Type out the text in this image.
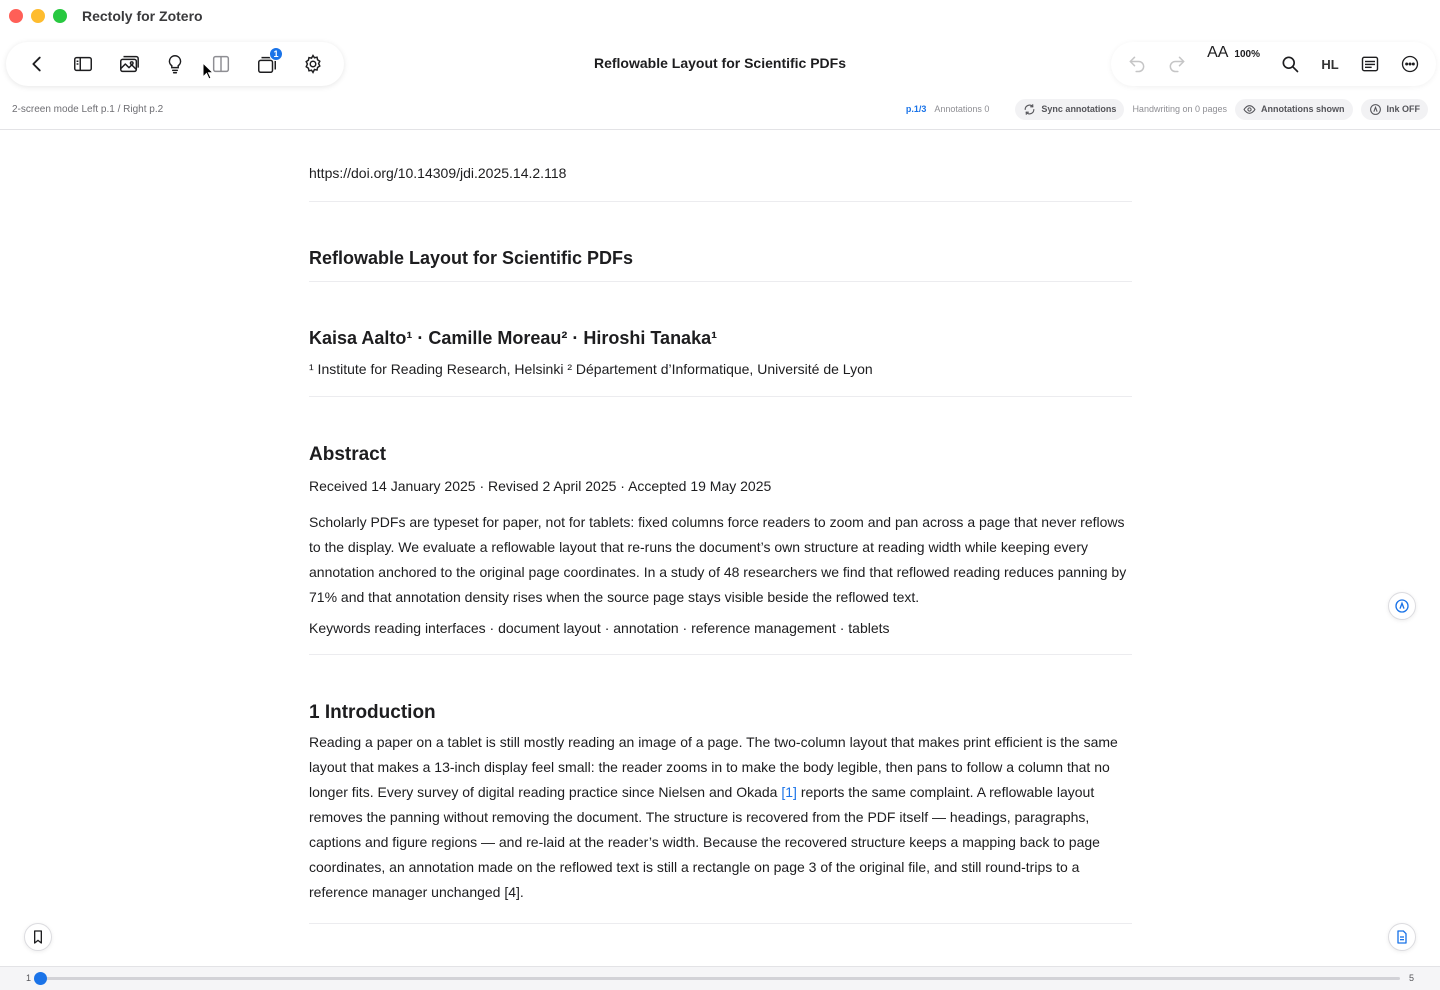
Rectoly for Zotero
1
Reflowable Layout for Scientific PDFs
AA 100%
HL
2-screen mode Left p.1 / Right p.2	p.1/3 Annotations 0	Sync annotations Handwriting on 0 pages	Annotations shown	Ink OFF
https://doi.org/10.14309/jdi.2025.14.2.118
Reflowable Layout for Scientific PDFs
Kaisa Aalto¹ · Camille Moreau² · Hiroshi Tanaka¹
¹ Institute for Reading Research, Helsinki ² Département d’Informatique, Université de Lyon
Abstract
Received 14 January 2025 · Revised 2 April 2025 · Accepted 19 May 2025

Scholarly PDFs are typeset for paper, not for tablets: fixed columns force readers to zoom and pan across a page that never reflows to the display. We evaluate a reflowable layout that re-runs the document’s own structure at reading width while keeping every annotation anchored to the original page coordinates. In a study of 48 researchers we find that reflowed reading reduces panning by 71% and that annotation density rises when the source page stays visible beside the reflowed text.

Keywords reading interfaces · document layout · annotation · reference management · tablets
1 Introduction

Reading a paper on a tablet is still mostly reading an image of a page. The two-column layout that makes print efficient is the same layout that makes a 13-inch display feel small: the reader zooms in to make the body legible, then pans to follow a column that no longer fits. Every survey of digital reading practice since Nielsen and Okada [1] reports the same complaint. A reflowable layout removes the panning without removing the document. The structure is recovered from the PDF itself — headings, paragraphs, captions and figure regions — and re-laid at the reader’s width. Because the recovered structure keeps a mapping back to page coordinates, an annotation made on the reflowed text is still a rectangle on page 3 of the original file, and still round-trips to a reference manager unchanged [4].

1	5
